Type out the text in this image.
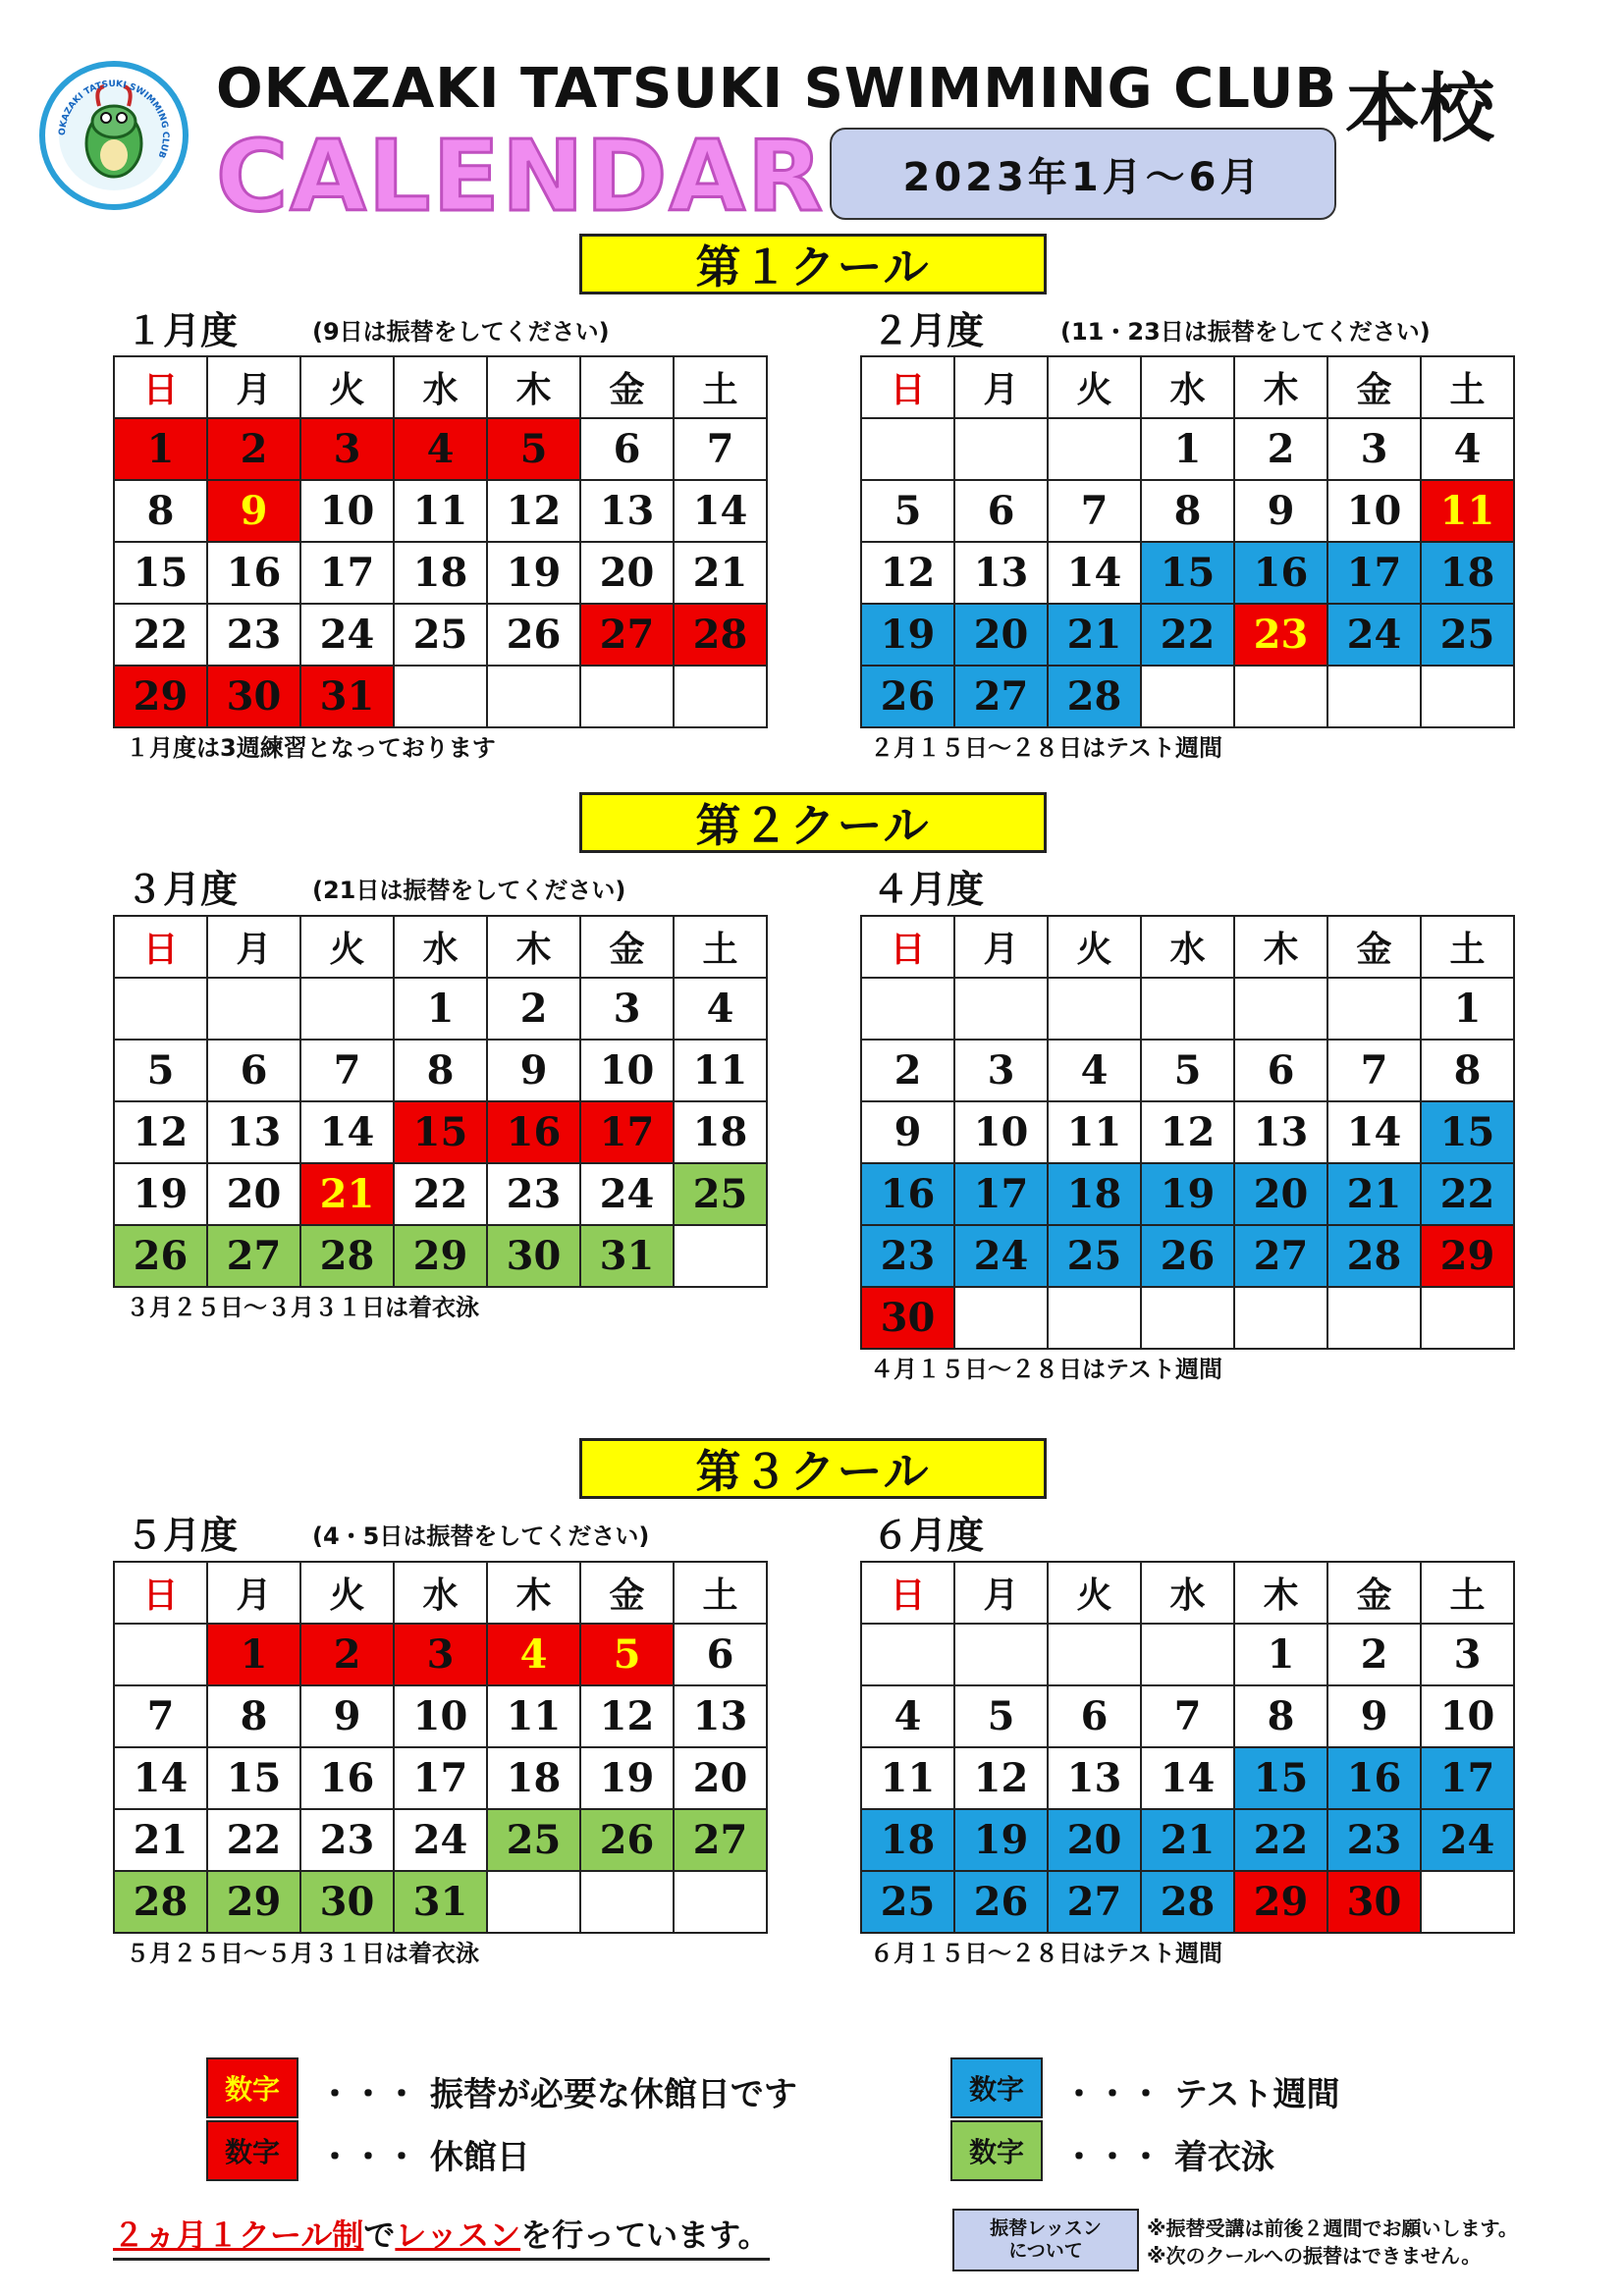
OKAZAKI TATSUKI SWIMMING CLUB
OKAZAKI TATSUKI SWIMMING CLUB 本校
CALENDAR	2023年1月〜6月
第１クール
第２クール
第３クール
１月度	(9日は振替をしてください)	２月度	(11・23日は振替をしてください)
３月度	(21日は振替をしてください)	４月度
５月度	(4・5日は振替をしてください)	６月度
日	月	火	水	木	金	土
1	2	3	4	5	6	7
8	9	10	11	12	13	14
15	16	17	18	19	20	21
22	23	24	25	26	27	28
29	30	31				
日	月	火	水	木	金	土
			1	2	3	4
5	6	7	8	9	10	11
12	13	14	15	16	17	18
19	20	21	22	23	24	25
26	27	28				
日	月	火	水	木	金	土
			1	2	3	4
5	6	7	8	9	10	11
12	13	14	15	16	17	18
19	20	21	22	23	24	25
26	27	28	29	30	31	
日	月	火	水	木	金	土
						1
2	3	4	5	6	7	8
9	10	11	12	13	14	15
16	17	18	19	20	21	22
23	24	25	26	27	28	29
30						
日	月	火	水	木	金	土
	1	2	3	4	5	6
7	8	9	10	11	12	13
14	15	16	17	18	19	20
21	22	23	24	25	26	27
28	29	30	31			
日	月	火	水	木	金	土
				1	2	3
4	5	6	7	8	9	10
11	12	13	14	15	16	17
18	19	20	21	22	23	24
25	26	27	28	29	30	
１月度は3週練習となっております	２月１５日〜２８日はテスト週間
３月２５日〜３月３１日は着衣泳
４月１５日〜２８日はテスト週間
５月２５日〜５月３１日は着衣泳	６月１５日〜２８日はテスト週間
数字	・・・ 振替が必要な休館日です
数字	・・・ 休館日
数字	・・・ テスト週間
数字	・・・ 着衣泳
２ヵ月１クール制でレッスンを行っています。	振替レッスン
について
※振替受講は前後２週間でお願いします。
※次のクールへの振替はできません。
